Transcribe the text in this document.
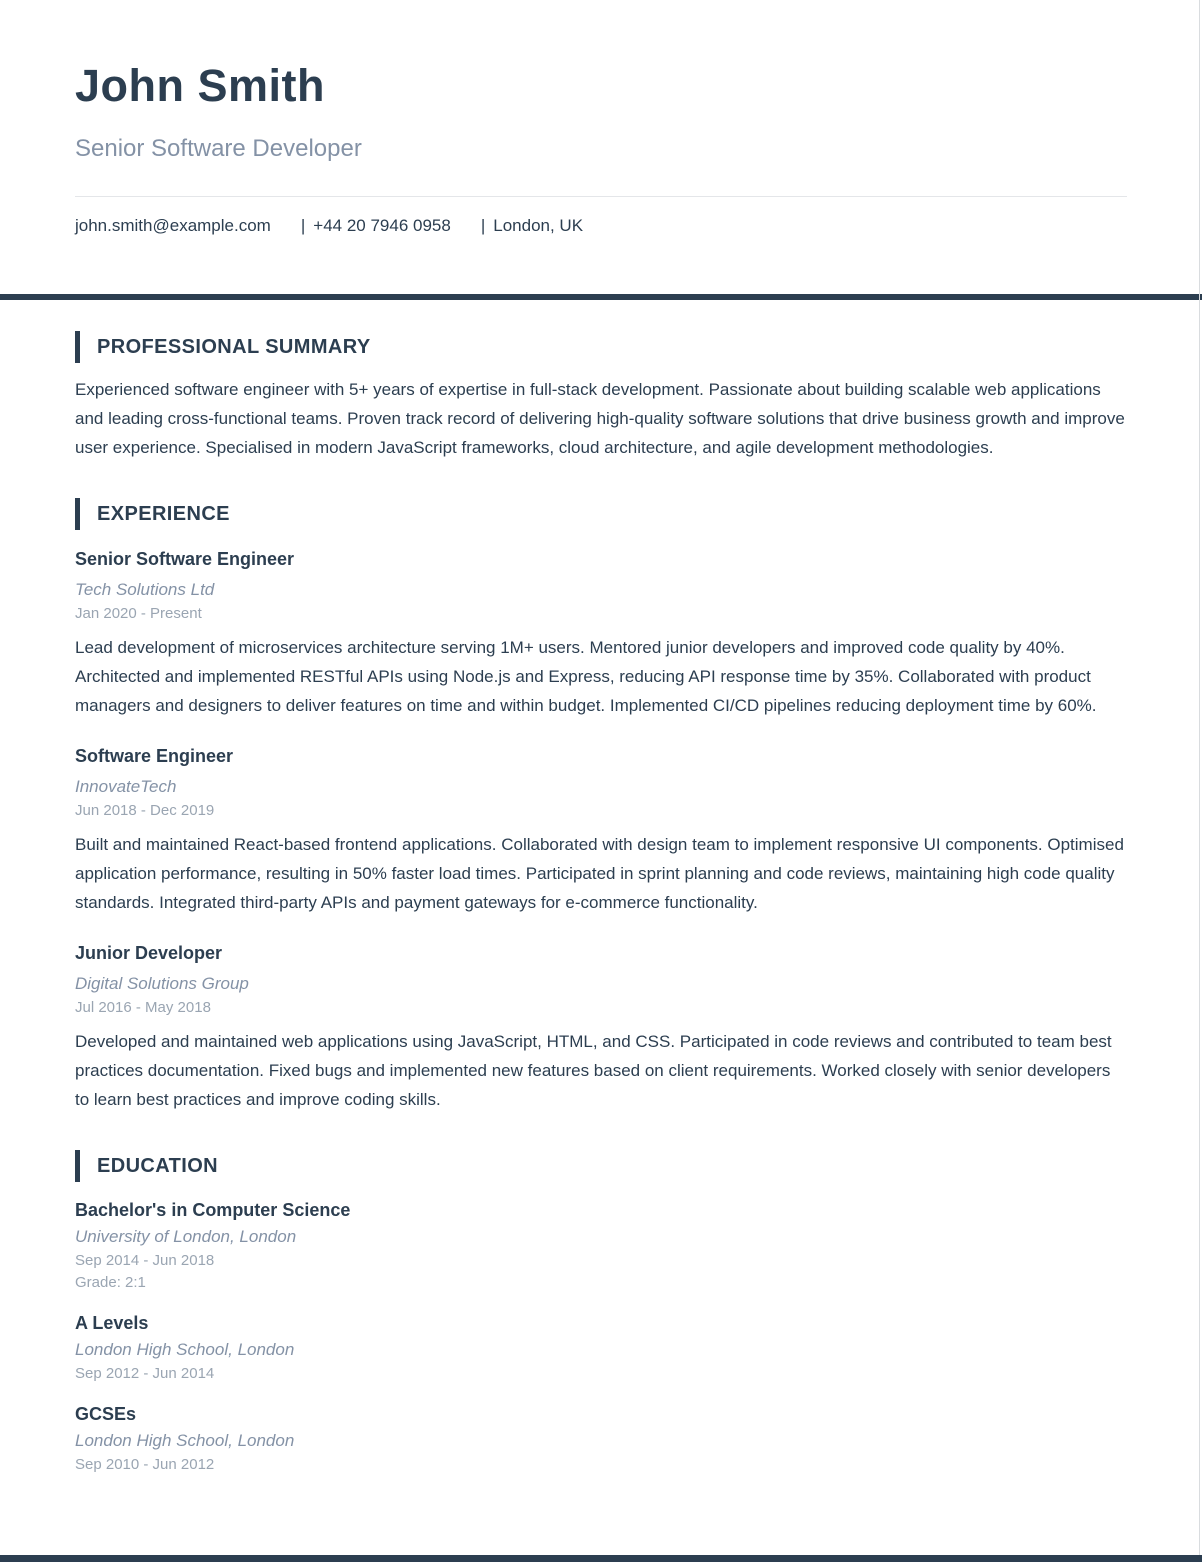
John Smith
Senior Software Developer
john.smith@example.com | +44 20 7946 0958 | London, UK
PROFESSIONAL SUMMARY

Experienced software engineer with 5+ years of expertise in full-stack development. Passionate about building scalable web applications and leading cross-functional teams. Proven track record of delivering high-quality software solutions that drive business growth and improve user experience. Specialised in modern JavaScript frameworks, cloud architecture, and agile development methodologies.

EXPERIENCE
Senior Software Engineer
Tech Solutions Ltd
Jan 2020 - Present

Lead development of microservices architecture serving 1M+ users. Mentored junior developers and improved code quality by 40%. Architected and implemented RESTful APIs using Node.js and Express, reducing API response time by 35%. Collaborated with product managers and designers to deliver features on time and within budget. Implemented CI/CD pipelines reducing deployment time by 60%.

Software Engineer
InnovateTech
Jun 2018 - Dec 2019

Built and maintained React-based frontend applications. Collaborated with design team to implement responsive UI components. Optimised application performance, resulting in 50% faster load times. Participated in sprint planning and code reviews, maintaining high code quality standards. Integrated third-party APIs and payment gateways for e-commerce functionality.

Junior Developer
Digital Solutions Group
Jul 2016 - May 2018

Developed and maintained web applications using JavaScript, HTML, and CSS. Participated in code reviews and contributed to team best practices documentation. Fixed bugs and implemented new features based on client requirements. Worked closely with senior developers to learn best practices and improve coding skills.

EDUCATION
Bachelor's in Computer Science
University of London, London
Sep 2014 - Jun 2018
Grade: 2:1
A Levels
London High School, London
Sep 2012 - Jun 2014
GCSEs
London High School, London
Sep 2010 - Jun 2012
